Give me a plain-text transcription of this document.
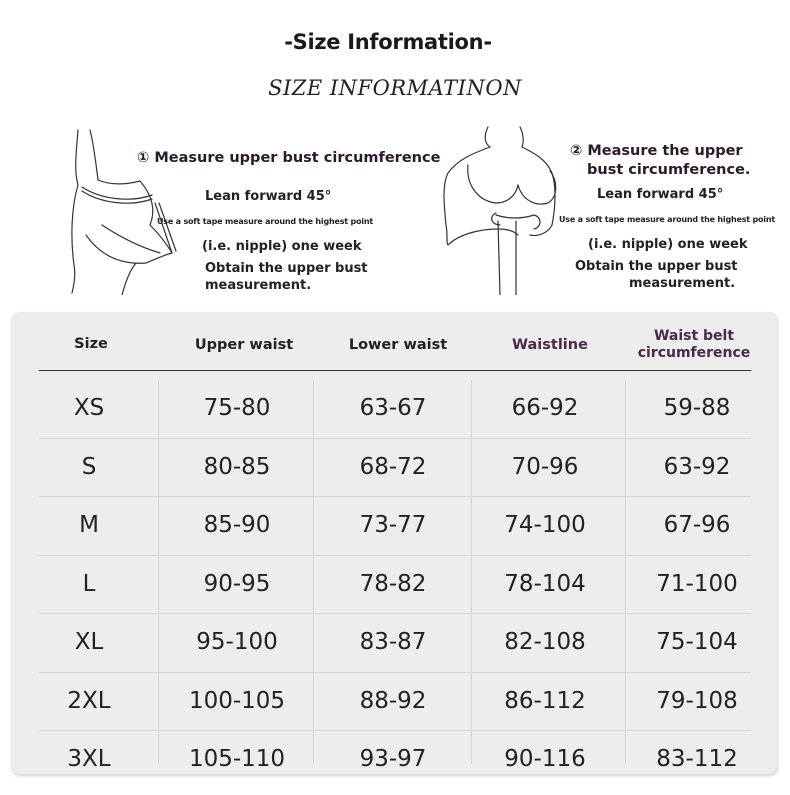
-Size Information-
SIZE INFORMATINON
① Measure upper bust circumference
Lean forward 45°
Use a soft tape measure around the highest point
(i.e. nipple) one week
Obtain the upper bust
measurement.
② Measure the upper
bust circumference.
Lean forward 45°
Use a soft tape measure around the highest point
(i.e. nipple) one week
Obtain the upper bust
measurement.
Size	Upper waist	Lower waist	Waistline
Waist belt
circumference
XS	75-80	63-67	66-92	59-88
S	80-85	68-72	70-96	63-92
M	85-90	73-77	74-100	67-96
L	90-95	78-82	78-104	71-100
XL	95-100	83-87	82-108	75-104
2XL	100-105	88-92	86-112	79-108
3XL	105-110	93-97	90-116	83-112
